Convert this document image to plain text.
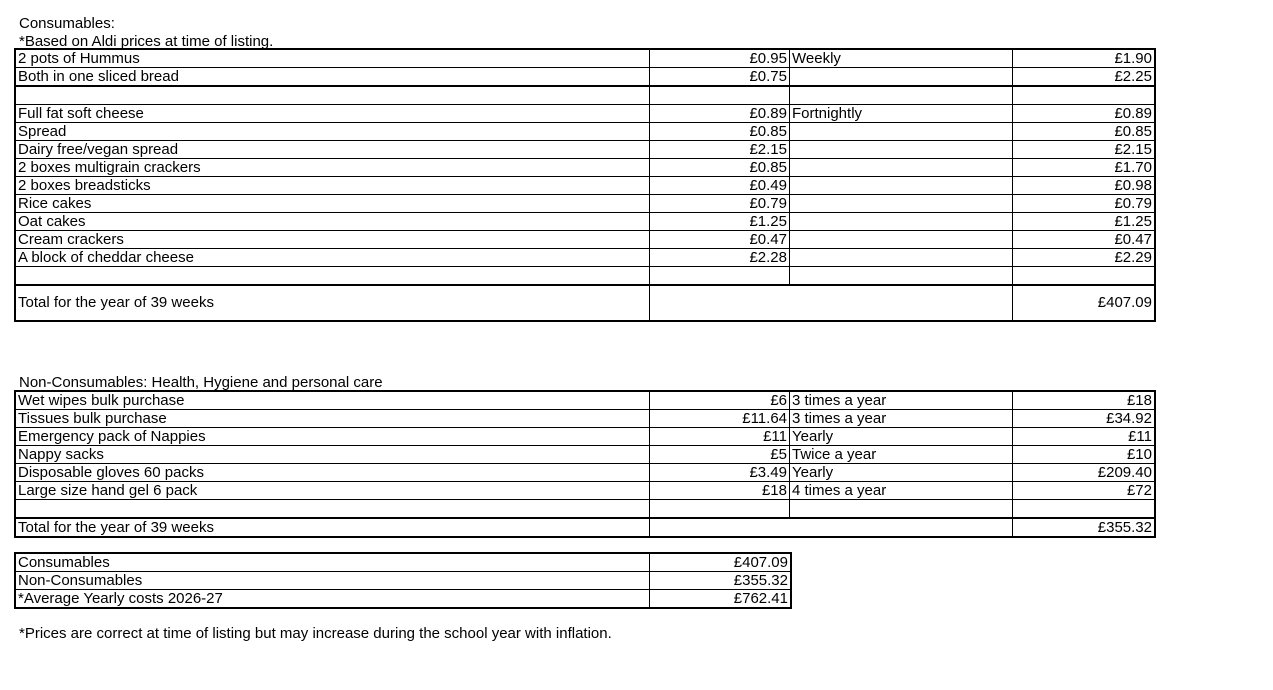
Consumables:
*Based on Aldi prices at time of listing.
2 pots of Hummus	£0.95	Weekly	£1.90
Both in one sliced bread	£0.75		£2.25

Full fat soft cheese	£0.89	Fortnightly	£0.89
Spread	£0.85		£0.85
Dairy free/vegan spread	£2.15		£2.15
2 boxes multigrain crackers	£0.85		£1.70
2 boxes breadsticks	£0.49		£0.98
Rice cakes	£0.79		£0.79
Oat cakes	£1.25		£1.25
Cream crackers	£0.47		£0.47
A block of cheddar cheese	£2.28		£2.29

Total for the year of 39 weeks			£407.09
Non-Consumables: Health, Hygiene and personal care
Wet wipes bulk purchase	£6	3 times a year	£18
Tissues bulk purchase	£11.64	3 times a year	£34.92
Emergency pack of Nappies	£11	Yearly	£11
Nappy sacks	£5	Twice a year	£10
Disposable gloves 60 packs	£3.49	Yearly	£209.40
Large size hand gel 6 pack	£18	4 times a year	£72

Total for the year of 39 weeks			£355.32
Consumables	£407.09
Non-Consumables	£355.32
*Average Yearly costs 2026-27	£762.41
*Prices are correct at time of listing but may increase during the school year with inflation.
